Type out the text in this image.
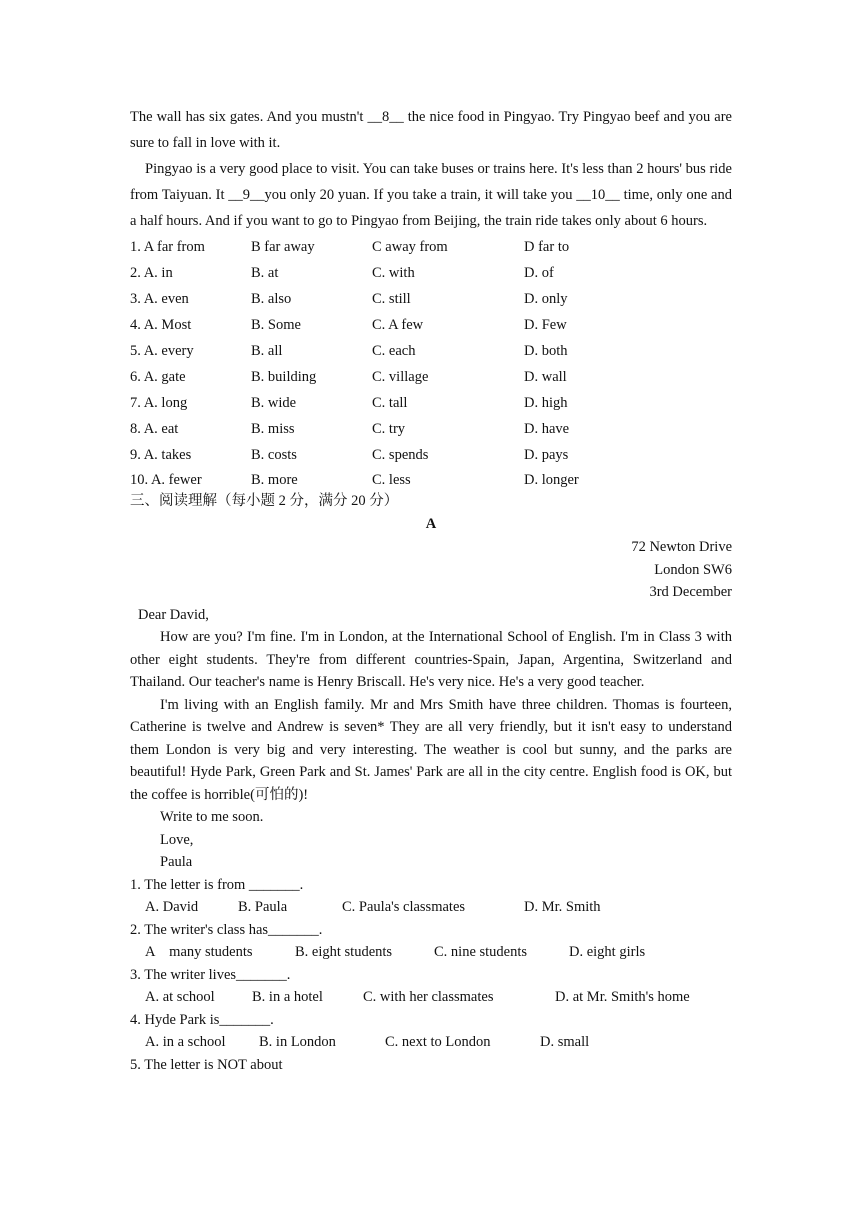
The wall has six gates. And you mustn't __8__ the nice food in Pingyao. Try Pingyao beef and you are sure to fall in love with it.

Pingyao is a very good place to visit. You can take buses or trains here. It's less than 2 hours' bus ride from Taiyuan. It __9__you only 20 yuan. If you take a train, it will take you __10__ time, only one and a half hours. And if you want to go to Pingyao from Beijing, the train ride takes only about 6 hours.

1. A far from	B far away	C away from	D far to
2. A. in	B. at	C. with	D. of
3. A. even	B. also	C. still	D. only
4. A. Most	B. Some	C. A few	D. Few
5. A. every	B. all	C. each	D. both
6. A. gate	B. building	C. village	D. wall
7. A. long	B. wide	C. tall	D. high
8. A. eat	B. miss	C. try	D. have
9. A. takes	B. costs	C. spends	D. pays
10. A. fewer	B. more	C. less	D. longer
三、阅读理解（每小题 2 分，满分 20 分）
A
72 Newton Drive
London SW6
3rd December
Dear David,

How are you? I'm fine. I'm in London, at the International School of English. I'm in Class 3 with other eight students. They're from different countries-Spain, Japan, Argentina, Switzerland and Thailand. Our teacher's name is Henry Briscall. He's very nice. He's a very good teacher.

I'm living with an English family. Mr and Mrs Smith have three children. Thomas is fourteen, Catherine is twelve and Andrew is seven* They are all very friendly, but it isn't easy to understand them London is very big and very interesting. The weather is cool but sunny, and the parks are beautiful! Hyde Park, Green Park and St. James' Park are all in the city centre. English food is OK, but the coffee is horrible(可怕的)!

Write to me soon.
Love,
Paula
1. The letter is from _______.
A. David	B. Paula	C. Paula's classmates	D. Mr. Smith
2. The writer's class has_______.
A    many students	B. eight students	C. nine students	D. eight girls
3. The writer lives_______.
A. at school	B. in a hotel	C. with her classmates	D. at Mr. Smith's home
4. Hyde Park is_______.
A. in a school	B. in London	C. next to London	D. small
5. The letter is NOT about
